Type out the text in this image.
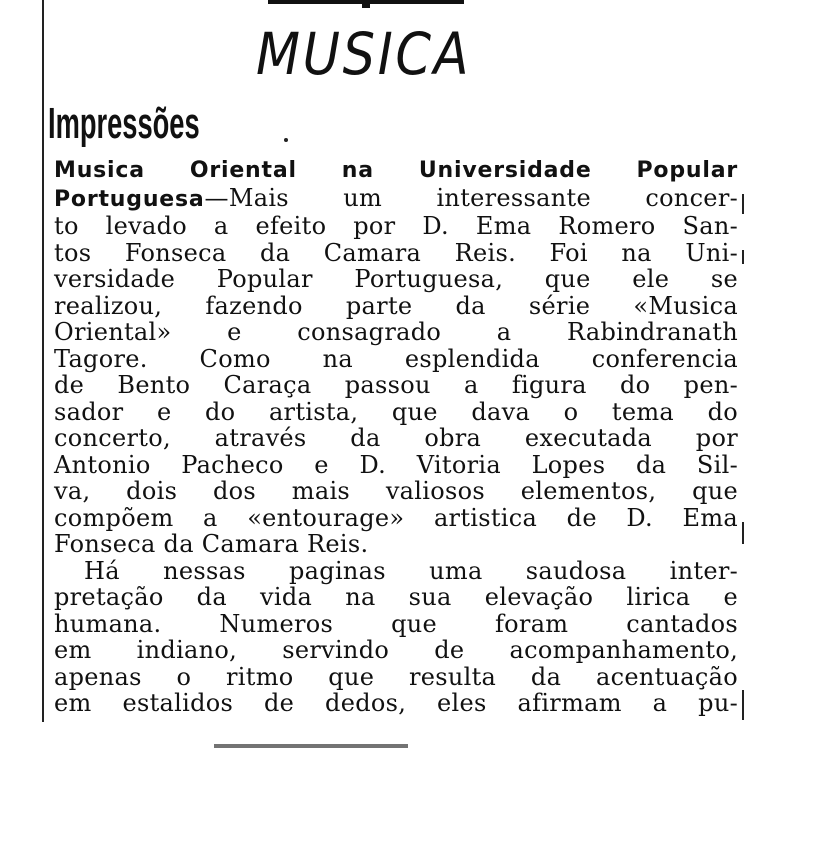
MUSICA
Impressões

Musica Oriental na Universidade Popular
Portuguesa—Mais um interessante concer-
to levado a efeito por D. Ema Romero San-
tos Fonseca da Camara Reis. Foi na Uni-
versidade Popular Portuguesa, que ele se
realizou, fazendo parte da série «Musica
Oriental» e consagrado a Rabindranath
Tagore. Como na esplendida conferencia
de Bento Caraça passou a figura do pen-
sador e do artista, que dava o tema do
concerto, através da obra executada por
Antonio Pacheco e D. Vitoria Lopes da Sil-
va, dois dos mais valiosos elementos, que
compõem a «entourage» artistica de D. Ema
Fonseca da Camara Reis.

Há nessas paginas uma saudosa inter-
pretação da vida na sua elevação lirica e
humana. Numeros que foram cantados
em indiano, servindo de acompanhamento,
apenas o ritmo que resulta da acentuação
em estalidos de dedos, eles afirmam a pu-
